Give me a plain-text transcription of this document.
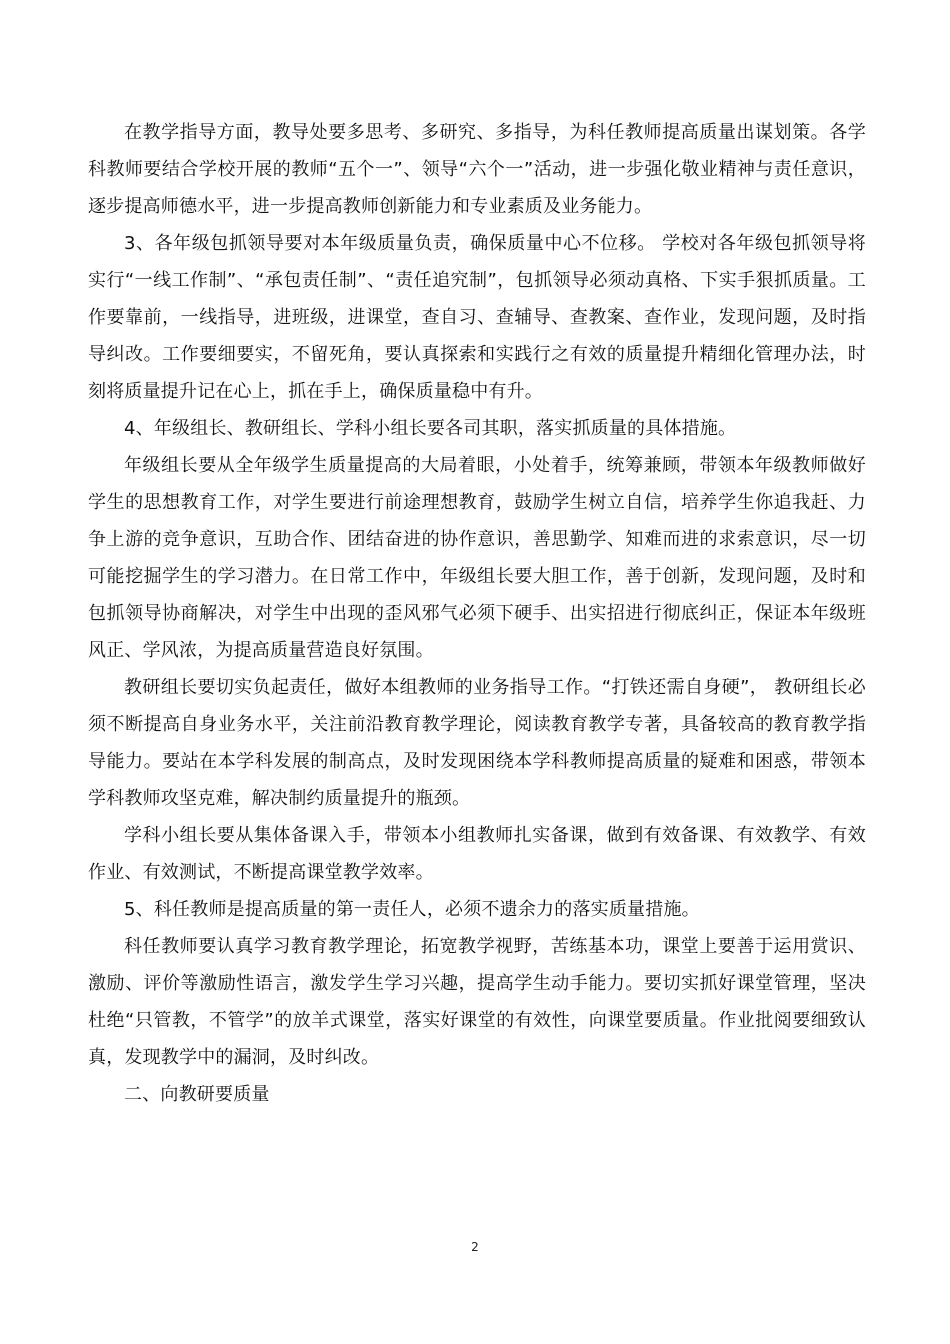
在教学指导方面，教导处要多思考、多研究、多指导，为科任教师提高质量出谋划策。各学科教师要结合学校开展的教师“五个一”、领导“六个一”活动，进一步强化敬业精神与责任意识，逐步提高师德水平，进一步提高教师创新能力和专业素质及业务能力。

3、各年级包抓领导要对本年级质量负责，确保质量中心不位移。 学校对各年级包抓领导将实行“一线工作制”、“承包责任制”、“责任追究制”，包抓领导必须动真格、下实手狠抓质量。工作要靠前，一线指导，进班级，进课堂，查自习、查辅导、查教案、查作业，发现问题，及时指导纠改。工作要细要实，不留死角，要认真探索和实践行之有效的质量提升精细化管理办法，时刻将质量提升记在心上，抓在手上，确保质量稳中有升。

4、年级组长、教研组长、学科小组长要各司其职，落实抓质量的具体措施。

年级组长要从全年级学生质量提高的大局着眼，小处着手，统筹兼顾，带领本年级教师做好学生的思想教育工作，对学生要进行前途理想教育，鼓励学生树立自信，培养学生你追我赶、力争上游的竞争意识，互助合作、团结奋进的协作意识，善思勤学、知难而进的求索意识，尽一切可能挖掘学生的学习潜力。在日常工作中，年级组长要大胆工作，善于创新，发现问题，及时和包抓领导协商解决，对学生中出现的歪风邪气必须下硬手、出实招进行彻底纠正，保证本年级班风正、学风浓，为提高质量营造良好氛围。

教研组长要切实负起责任，做好本组教师的业务指导工作。“打铁还需自身硬”， 教研组长必须不断提高自身业务水平，关注前沿教育教学理论，阅读教育教学专著，具备较高的教育教学指导能力。要站在本学科发展的制高点，及时发现困绕本学科教师提高质量的疑难和困惑，带领本学科教师攻坚克难，解决制约质量提升的瓶颈。

学科小组长要从集体备课入手，带领本小组教师扎实备课，做到有效备课、有效教学、有效作业、有效测试，不断提高课堂教学效率。

5、科任教师是提高质量的第一责任人，必须不遗余力的落实质量措施。

科任教师要认真学习教育教学理论，拓宽教学视野，苦练基本功，课堂上要善于运用赏识、激励、评价等激励性语言，激发学生学习兴趣，提高学生动手能力。要切实抓好课堂管理，坚决杜绝“只管教，不管学”的放羊式课堂，落实好课堂的有效性，向课堂要质量。作业批阅要细致认真，发现教学中的漏洞，及时纠改。

二、向教研要质量

2
